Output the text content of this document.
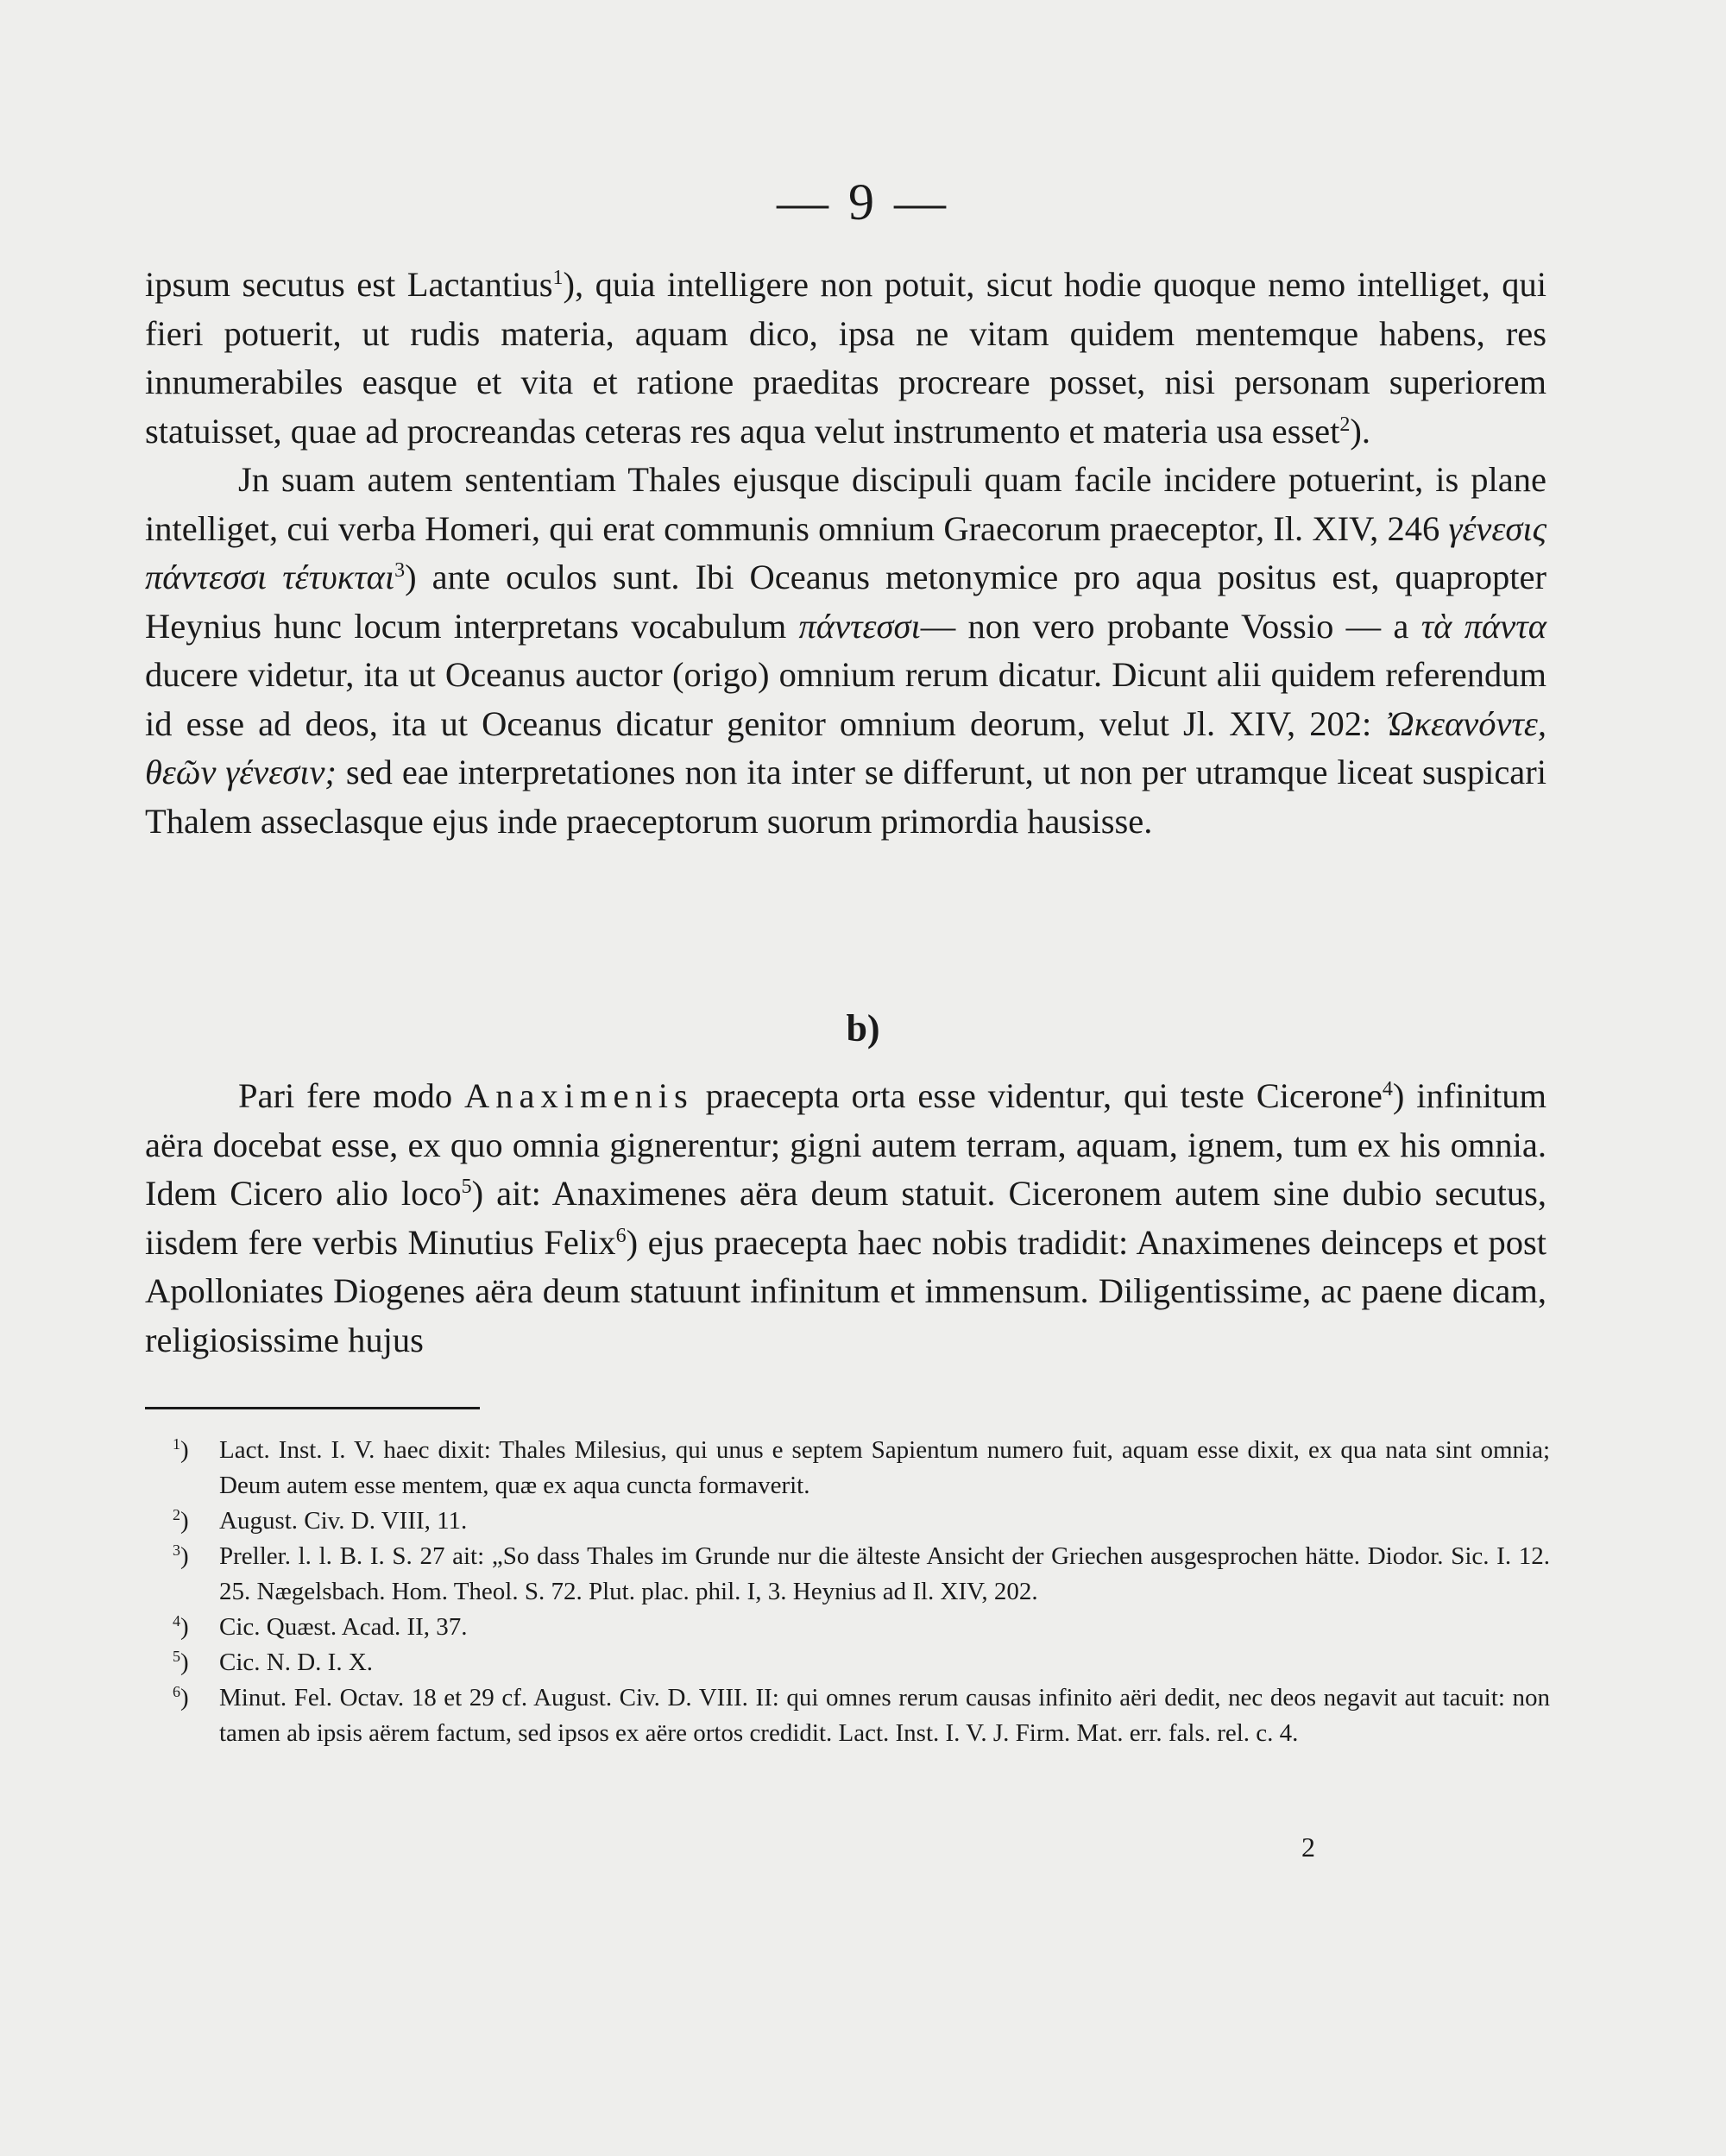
— 9 —

ipsum secutus est Lactantius$^1$), quia intelligere non potuit, sicut hodie quoque nemo intelliget, qui fieri potuerit, ut rudis materia, aquam dico, ipsa ne vitam quidem mentemque habens, res innumerabiles easque et vita et ratione praeditas procreare posset, nisi personam superiorem statuisset, quae ad procreandas ceteras res aqua velut instrumento et materia usa esset$^2$).

Jn suam autem sententiam Thales ejusque discipuli quam facile incidere potuerint, is plane intelliget, cui verba Homeri, qui erat communis omnium Graecorum praeceptor, Il. XIV, 246 γένεσις πάντεσσι τέτυκται$^3$) ante oculos sunt. Ibi Oceanus metonymice pro aqua positus est, quapropter Heynius hunc locum interpretans vocabulum πάντεσσι— non vero probante Vossio — a τὰ πάντα ducere videtur, ita ut Oceanus auctor (origo) omnium rerum dicatur. Dicunt alii quidem referendum id esse ad deos, ita ut Oceanus dicatur genitor omnium deorum, velut Jl. XIV, 202: Ὠκεανόντε, θεῶν γένεσιν; sed eae interpretationes non ita inter se differunt, ut non per utramque liceat suspicari Thalem asseclasque ejus inde praeceptorum suorum primordia hausisse.

b)

Pari fere modo Anaximenis praecepta orta esse videntur, qui teste Cicerone$^4$) infinitum aëra docebat esse, ex quo omnia gignerentur; gigni autem terram, aquam, ignem, tum ex his omnia. Idem Cicero alio loco$^5$) ait: Anaximenes aëra deum statuit. Ciceronem autem sine dubio secutus, iisdem fere verbis Minutius Felix$^6$) ejus praecepta haec nobis tradidit: Anaximenes deinceps et post Apolloniates Diogenes aëra deum statuunt infinitum et immensum. Diligentissime, ac paene dicam, religiosissime hujus

$^1$) Lact. Inst. I. V. haec dixit: Thales Milesius, qui unus e septem Sapientum numero fuit, aquam esse dixit, ex qua nata sint omnia; Deum autem esse mentem, quæ ex aqua cuncta formaverit.
$^2$) August. Civ. D. VIII, 11.
$^3$) Preller. l. l. B. I. S. 27 ait: „So dass Thales im Grunde nur die älteste Ansicht der Griechen ausgesprochen hätte. Diodor. Sic. I. 12. 25. Nægelsbach. Hom. Theol. S. 72. Plut. plac. phil. I, 3. Heynius ad Il. XIV, 202.
$^4$) Cic. Quæst. Acad. II, 37.
$^5$) Cic. N. D. I. X.
$^6$) Minut. Fel. Octav. 18 et 29 cf. August. Civ. D. VIII. II: qui omnes rerum causas infinito aëri dedit, nec deos negavit aut tacuit: non tamen ab ipsis aërem factum, sed ipsos ex aëre ortos credidit. Lact. Inst. I. V. J. Firm. Mat. err. fals. rel. c. 4.
2
